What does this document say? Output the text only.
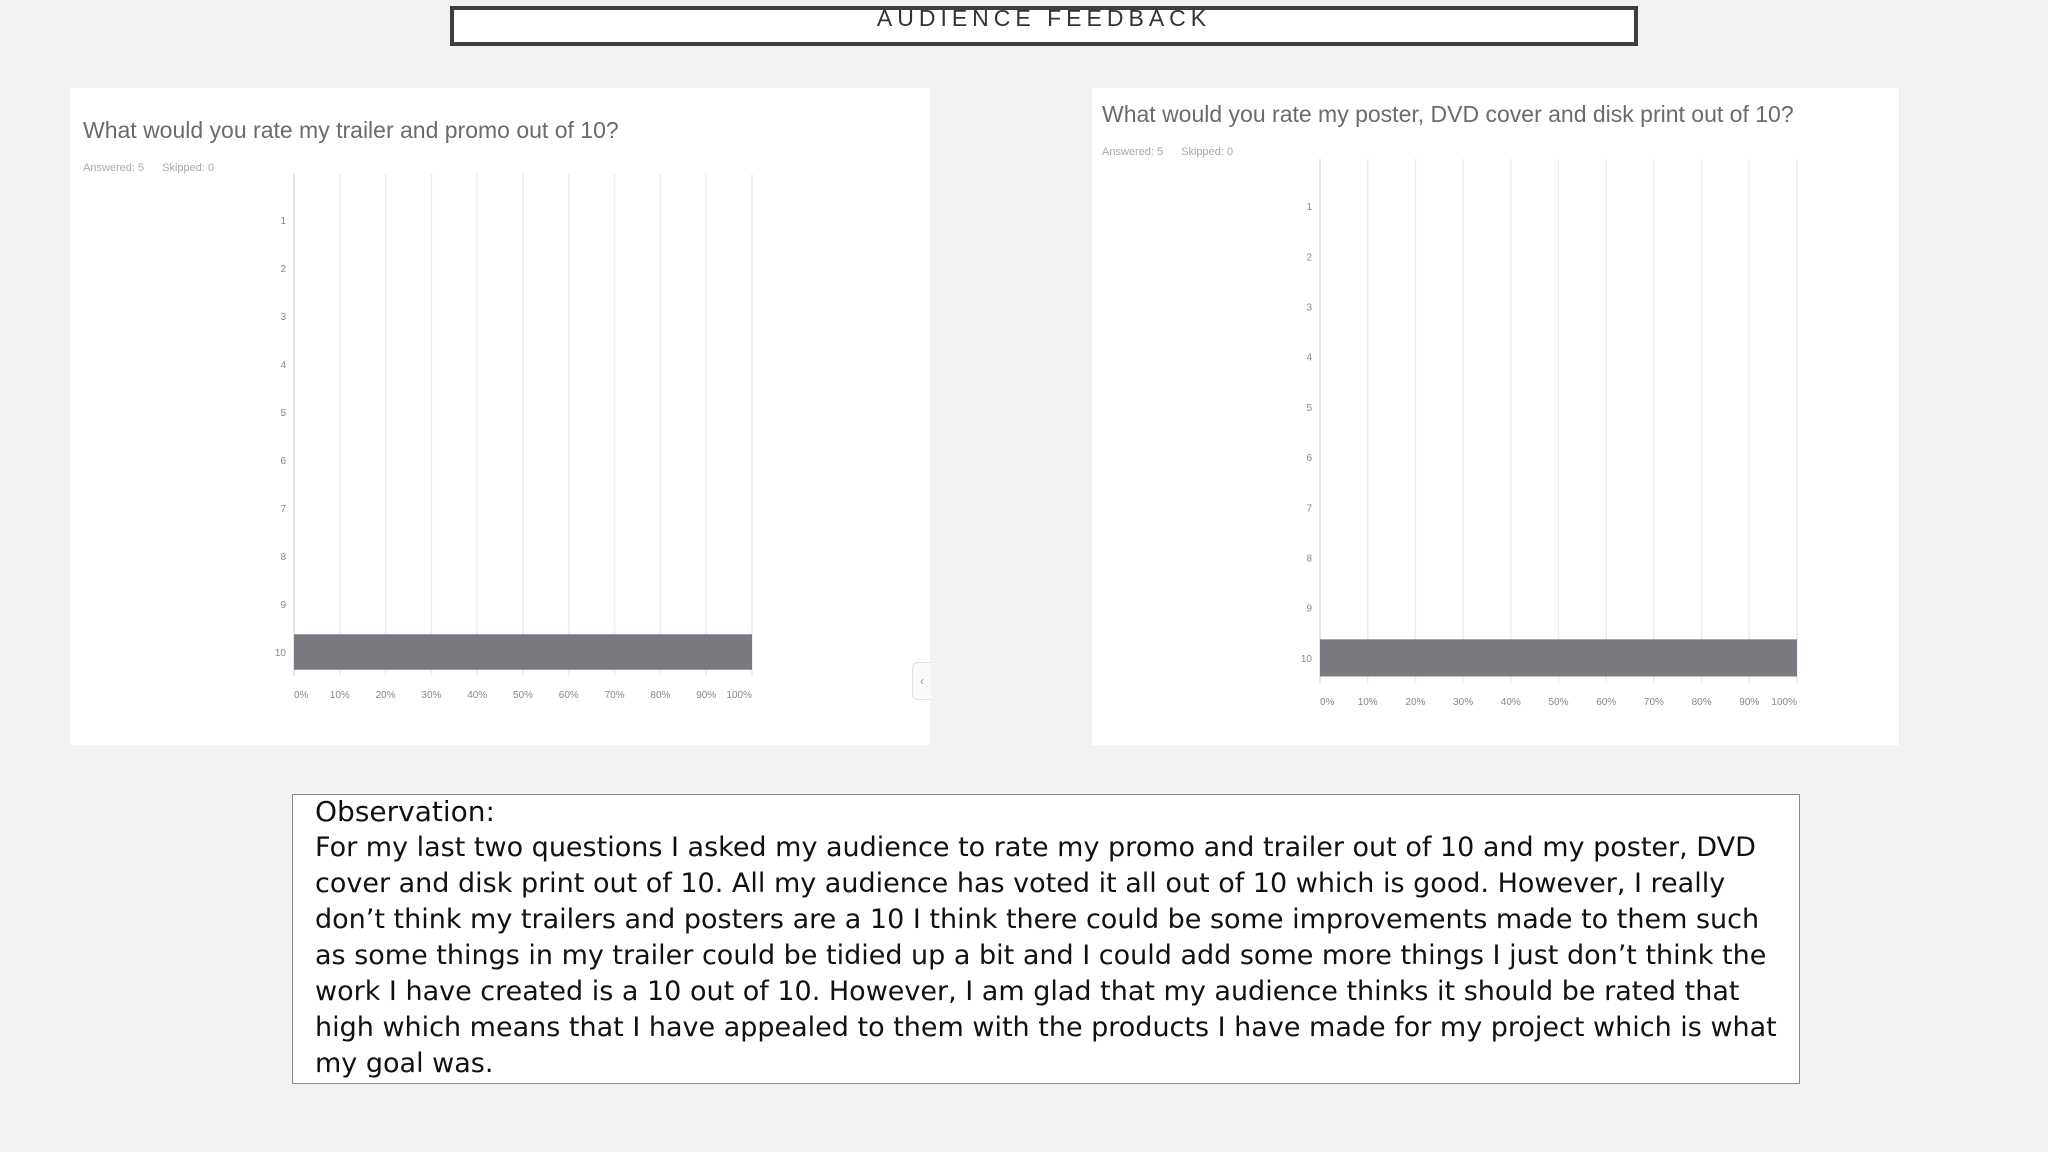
AUDIENCE FEEDBACK
What would you rate my trailer and promo out of 10?
Answered: 5 Skipped: 0
1
2
3
4
5
6
7
8
9
10
0% 10%	20%	30%	40%	50%	60%	70%	80%	90% 100%
‹
What would you rate my poster, DVD cover and disk print out of 10?
Answered: 5 Skipped: 0
1
2
3
4
5
6
7
8
9
10
0% 10%	20%	30%	40%	50%	60%	70%	80%	90% 100%
Observation:
For my last two questions I asked my audience to rate my promo and trailer out of 10 and my poster, DVD cover and disk print out of 10. All my audience has voted it all out of 10 which is good. However, I really don’t think my trailers and posters are a 10 I think there could be some improvements made to them such as some things in my trailer could be tidied up a bit and I could add some more things I just don’t think the work I have created is a 10 out of 10. However, I am glad that my audience thinks it should be rated that high which means that I have appealed to them with the products I have made for my project which is what my goal was.
